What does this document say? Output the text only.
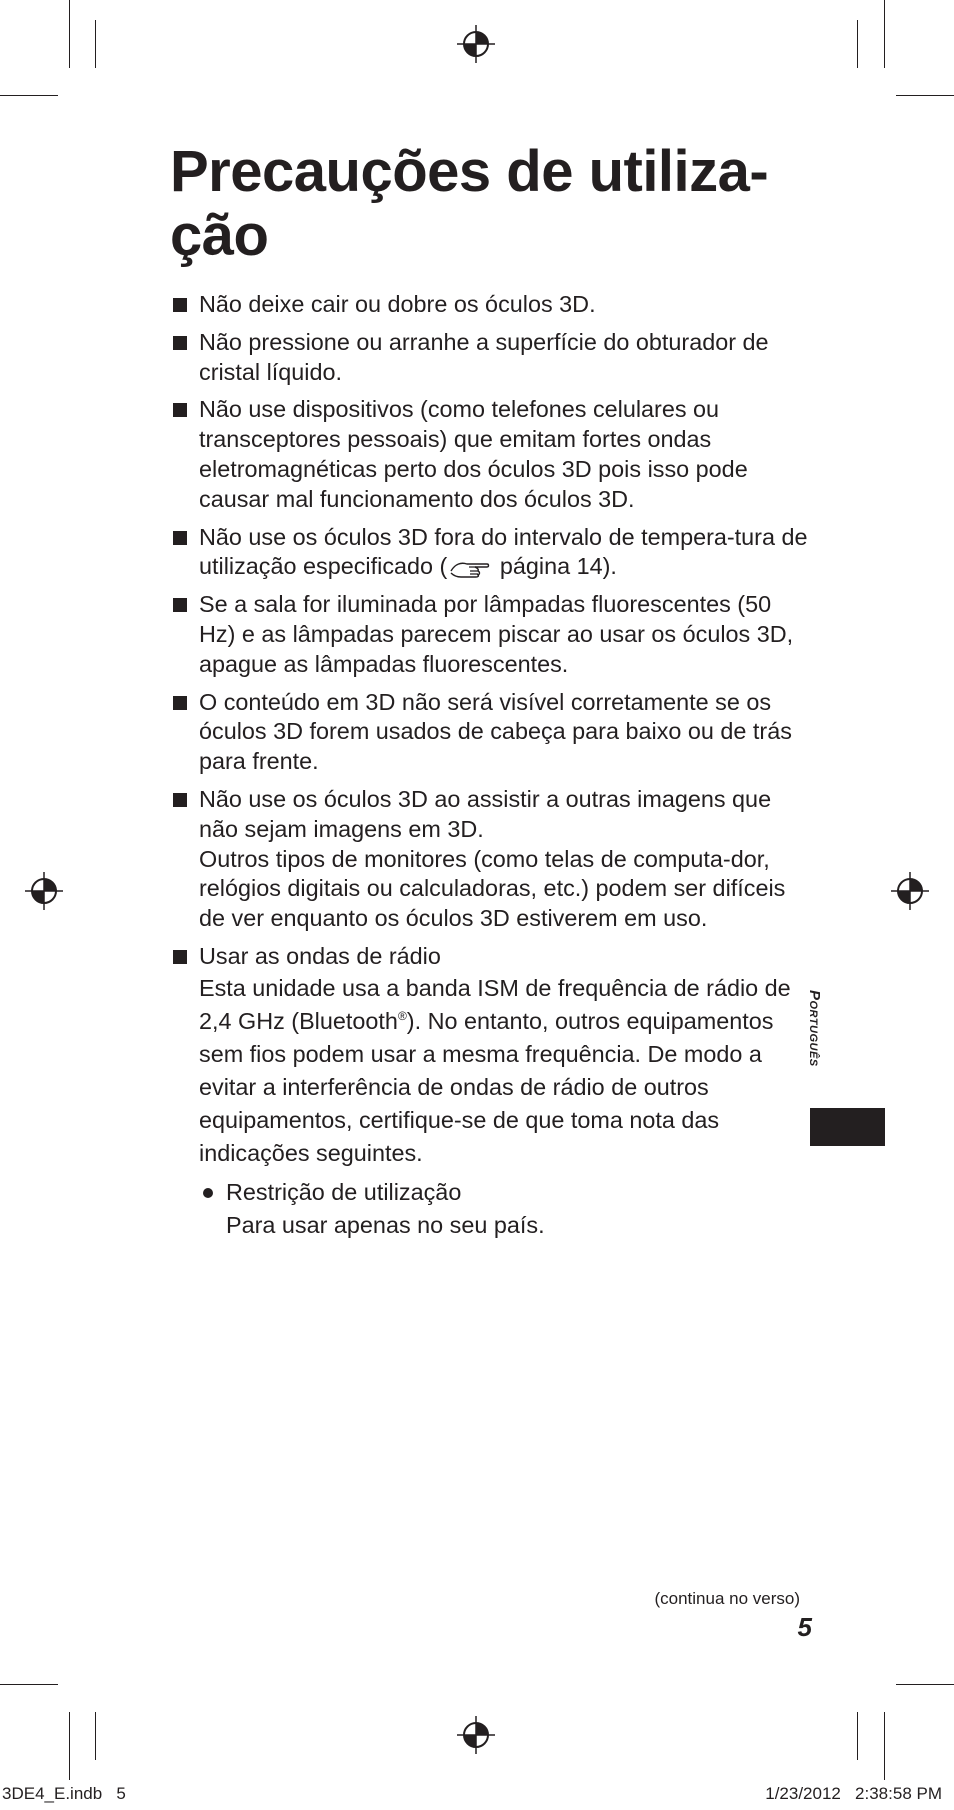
Precauções de utiliza-
ção
Não deixe cair ou dobre os óculos 3D.
Não pressione ou arranhe a superfície do obturador de cristal líquido.
Não use dispositivos (como telefones celulares ou transceptores pessoais) que emitam fortes ondas eletromagnéticas perto dos óculos 3D pois isso pode causar mal funcionamento dos óculos 3D.
Não use os óculos 3D fora do intervalo de tempera-tura de utilização especificado (
página 14).
Se a sala for iluminada por lâmpadas fluorescentes (50 Hz) e as lâmpadas parecem piscar ao usar os óculos 3D, apague as lâmpadas fluorescentes.
O conteúdo em 3D não será visível corretamente se os óculos 3D forem usados de cabeça para baixo ou de trás para frente.
Não use os óculos 3D ao assistir a outras imagens que não sejam imagens em 3D.
Outros tipos de monitores (como telas de computa-dor, relógios digitais ou calculadoras, etc.) podem ser difíceis de ver enquanto os óculos 3D estiverem em uso.
Usar as ondas de rádio
Esta unidade usa a banda ISM de frequência de rádio de 2,4 GHz (Bluetooth®). No entanto, outros equipamentos sem fios podem usar a mesma frequência. De modo a evitar a interferência de ondas de rádio de outros equipamentos, certifique-se de que toma nota das indicações seguintes.
Restrição de utilização
Para usar apenas no seu país.
Português
(continua no verso)
5
3DE4_E.indb   5	1/23/2012   2:38:58 PM
